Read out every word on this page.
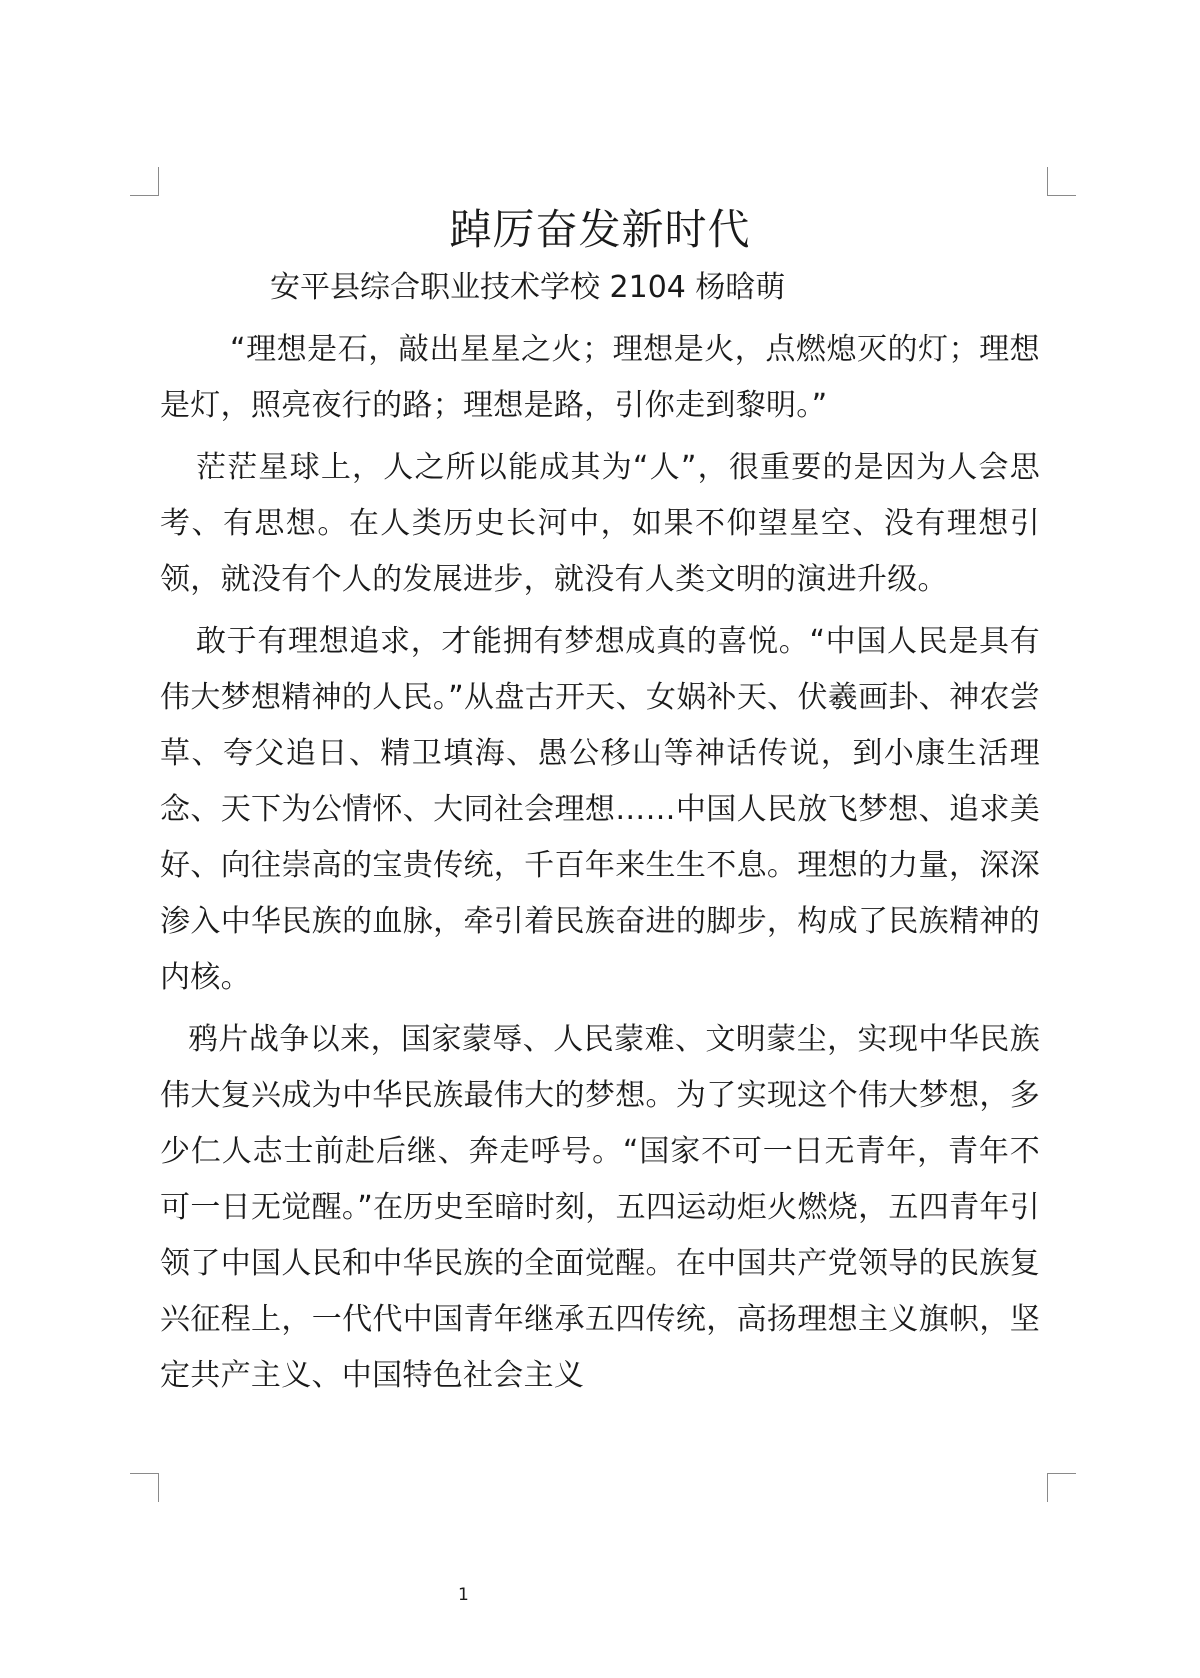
踔厉奋发新时代
安平县综合职业技术学校 2104 杨晗萌

“理想是石，敲出星星之火；理想是火，点燃熄灭的灯；理想是灯，照亮夜行的路；理想是路，引你走到黎明。”

茫茫星球上，人之所以能成其为“人”，很重要的是因为人会思考、有思想。在人类历史长河中，如果不仰望星空、没有理想引领，就没有个人的发展进步，就没有人类文明的演进升级。

敢于有理想追求，才能拥有梦想成真的喜悦。“中国人民是具有伟大梦想精神的人民。”从盘古开天、女娲补天、伏羲画卦、神农尝草、夸父追日、精卫填海、愚公移山等神话传说，到小康生活理念、天下为公情怀、大同社会理想……中国人民放飞梦想、追求美好、向往崇高的宝贵传统，千百年来生生不息。理想的力量，深深渗入中华民族的血脉，牵引着民族奋进的脚步，构成了民族精神的内核。

鸦片战争以来，国家蒙辱、人民蒙难、文明蒙尘，实现中华民族伟大复兴成为中华民族最伟大的梦想。为了实现这个伟大梦想，多少仁人志士前赴后继、奔走呼号。“国家不可一日无青年，青年不可一日无觉醒。”在历史至暗时刻，五四运动炬火燃烧，五四青年引领了中国人民和中华民族的全面觉醒。在中国共产党领导的民族复兴征程上，一代代中国青年继承五四传统，高扬理想主义旗帜，坚定共产主义、中国特色社会主义

1
